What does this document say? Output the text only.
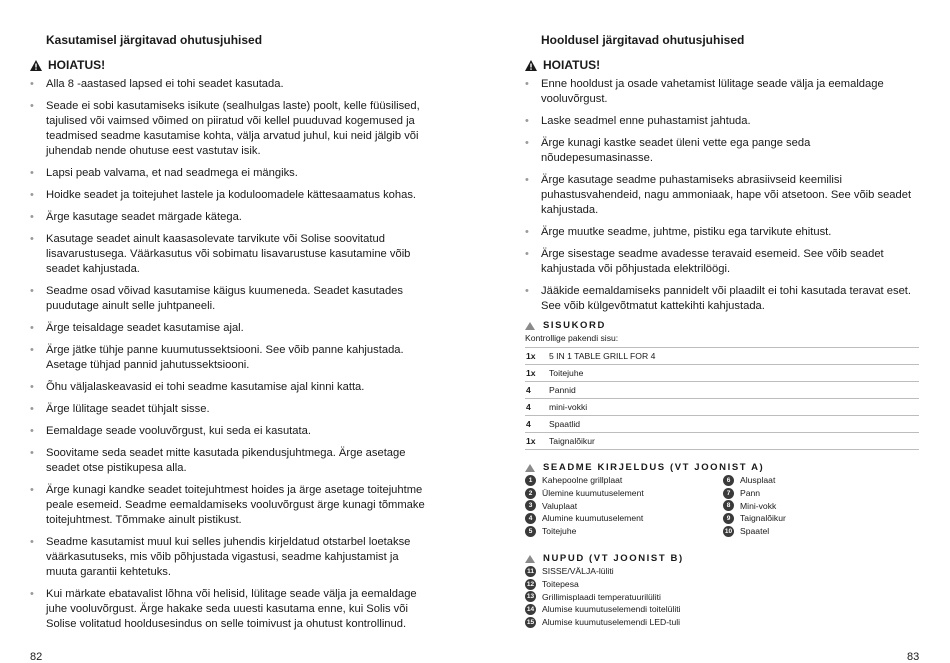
Kasutamisel järgitavad ohutusjuhised
HOIATUS!
• Alla 8 -aastased lapsed ei tohi seadet kasutada.
• Seade ei sobi kasutamiseks isikute (sealhulgas laste) poolt, kelle füüsilised, tajulised või vaimsed võimed on piiratud või kellel puuduvad kogemused ja teadmised seadme kasutamise kohta, välja arvatud juhul, kui neid jälgib või juhendab nende ohutuse eest vastutav isik.
• Lapsi peab valvama, et nad seadmega ei mängiks.
• Hoidke seadet ja toitejuhet lastele ja koduloomadele kättesaamatus kohas.
• Ärge kasutage seadet märgade kätega.
• Kasutage seadet ainult kaasasolevate tarvikute või Solise soovitatud lisavarustusega. Väärkasutus või sobimatu lisavarustuse kasutamine võib seadet kahjustada.
• Seadme osad võivad kasutamise käigus kuumeneda. Seadet kasutades puudutage ainult selle juhtpaneeli.
• Ärge teisaldage seadet kasutamise ajal.
• Ärge jätke tühje panne kuumutussektsiooni. See võib panne kahjustada. Asetage tühjad pannid jahutussektsiooni.
• Õhu väljalaskeavasid ei tohi seadme kasutamise ajal kinni katta.
• Ärge lülitage seadet tühjalt sisse.
• Eemaldage seade vooluvõrgust, kui seda ei kasutata.
• Soovitame seda seadet mitte kasutada pikendusjuhtmega. Ärge asetage seadet otse pistikupesa alla.
• Ärge kunagi kandke seadet toitejuhtmest hoides ja ärge asetage toitejuhtme peale esemeid. Seadme eemaldamiseks vooluvõrgust ärge kunagi tõmmake toitejuhtmest. Tõmmake ainult pistikust.
• Seadme kasutamist muul kui selles juhendis kirjeldatud otstarbel loetakse väärkasutuseks, mis võib põhjustada vigastusi, seadme kahjustamist ja muuta garantii kehtetuks.
• Kui märkate ebatavalist lõhna või helisid, lülitage seade välja ja eemaldage juhe vooluvõrgust. Ärge hakake seda uuesti kasutama enne, kui Solis või Solise volitatud hooldusesindus on selle toimivust ja ohutust kontrollinud.
82
Hooldusel järgitavad ohutusjuhised
HOIATUS!
• Enne hooldust ja osade vahetamist lülitage seade välja ja eemaldage vooluvõrgust.
• Laske seadmel enne puhastamist jahtuda.
• Ärge kunagi kastke seadet üleni vette ega pange seda nõudepesumasinasse.
• Ärge kasutage seadme puhastamiseks abrasiivseid keemilisi puhastusvahendeid, nagu ammoniaak, hape või atsetoon. See võib seadet kahjustada.
• Ärge muutke seadme, juhtme, pistiku ega tarvikute ehitust.
• Ärge sisestage seadme avadesse teravaid esemeid. See võib seadet kahjustada või põhjustada elektrilöögi.
• Jääkide eemaldamiseks pannidelt või plaadilt ei tohi kasutada teravat eset. See võib külgevõtmatut kattekihti kahjustada.
SISUKORD
Kontrollige pakendi sisu:
1x	5 IN 1 TABLE GRILL FOR 4
1x	Toitejuhe
4	Pannid
4	mini-vokki
4	Spaatlid
1x	Taignalõikur
SEADME KIRJELDUS (VT JOONIST A)
1	Kahepoolne grillplaat
2	Ülemine kuumutuselement
3	Valuplaat
4	Alumine kuumutuselement
5	Toitejuhe
6	Alusplaat
7	Pann
8	Mini-vokk
9	Taignalõikur
10 Spaatel
NUPUD (VT JOONIST B)
11 SISSE/VÄLJA-lüliti
12 Toitepesa
13 Grillimisplaadi temperatuurilüliti
14 Alumise kuumutuselemendi toitelüliti
15 Alumise kuumutuselemendi LED-tuli
83
